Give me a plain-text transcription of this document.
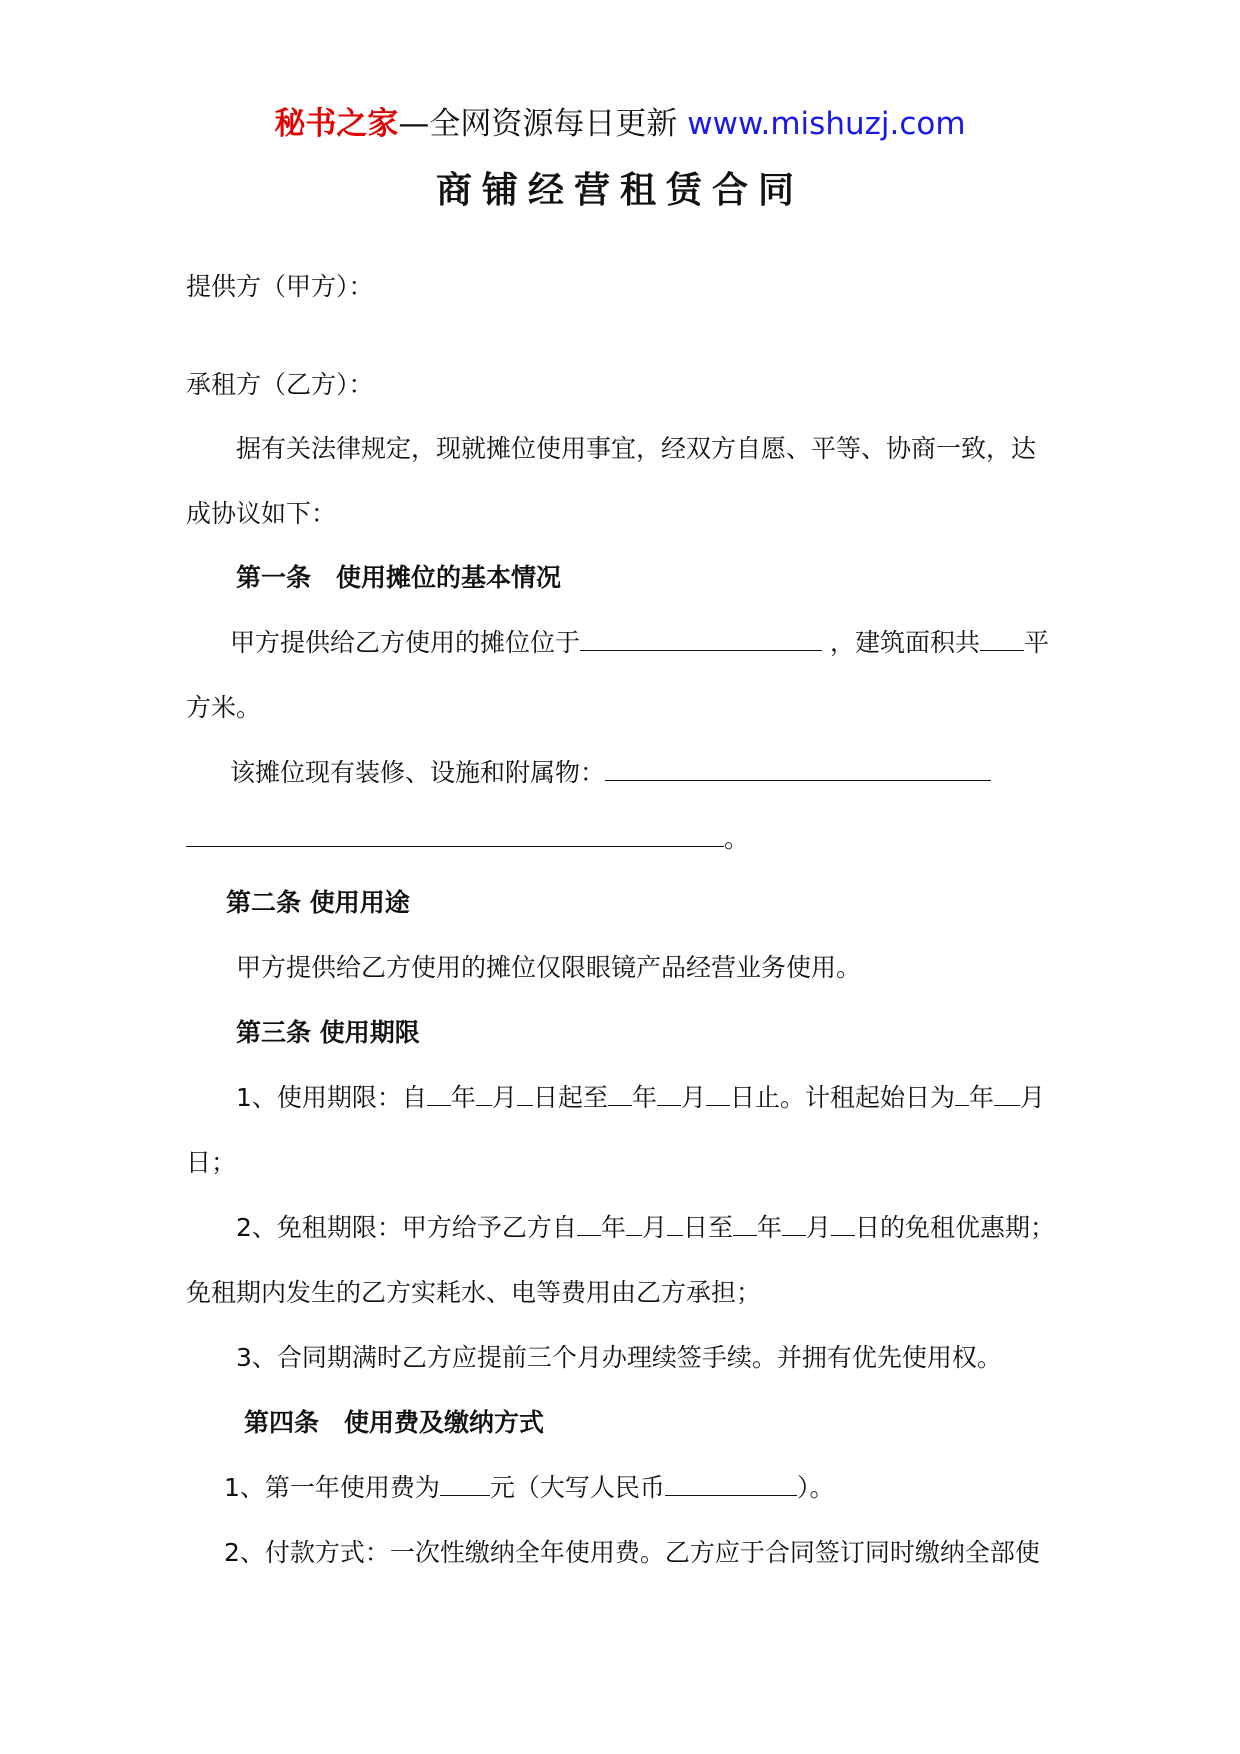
秘书之家—全网资源每日更新 www.mishuzj.com
商铺经营租赁合同
提供方（甲方）：
承租方（乙方）：
据有关法律规定，现就摊位使用事宜，经双方自愿、平等、协商一致，达
成协议如下：
第一条　使用摊位的基本情况
甲方提供给乙方使用的摊位位于	，建筑面积共 平
方米。
该摊位现有装修、设施和附属物：
。
第二条 使用用途
甲方提供给乙方使用的摊位仅限眼镜产品经营业务使用。
第三条 使用期限
1、使用期限：自 年 月 日起至 年 月 日止。计租起始日为 年 月
日；
2、免租期限：甲方给予乙方自 年 月 日至 年 月 日的免租优惠期；
免租期内发生的乙方实耗水、电等费用由乙方承担；
3、合同期满时乙方应提前三个月办理续签手续。并拥有优先使用权。
第四条　使用费及缴纳方式
1、第一年使用费为 元（大写人民币	）。
2、付款方式：一次性缴纳全年使用费。乙方应于合同签订同时缴纳全部使
